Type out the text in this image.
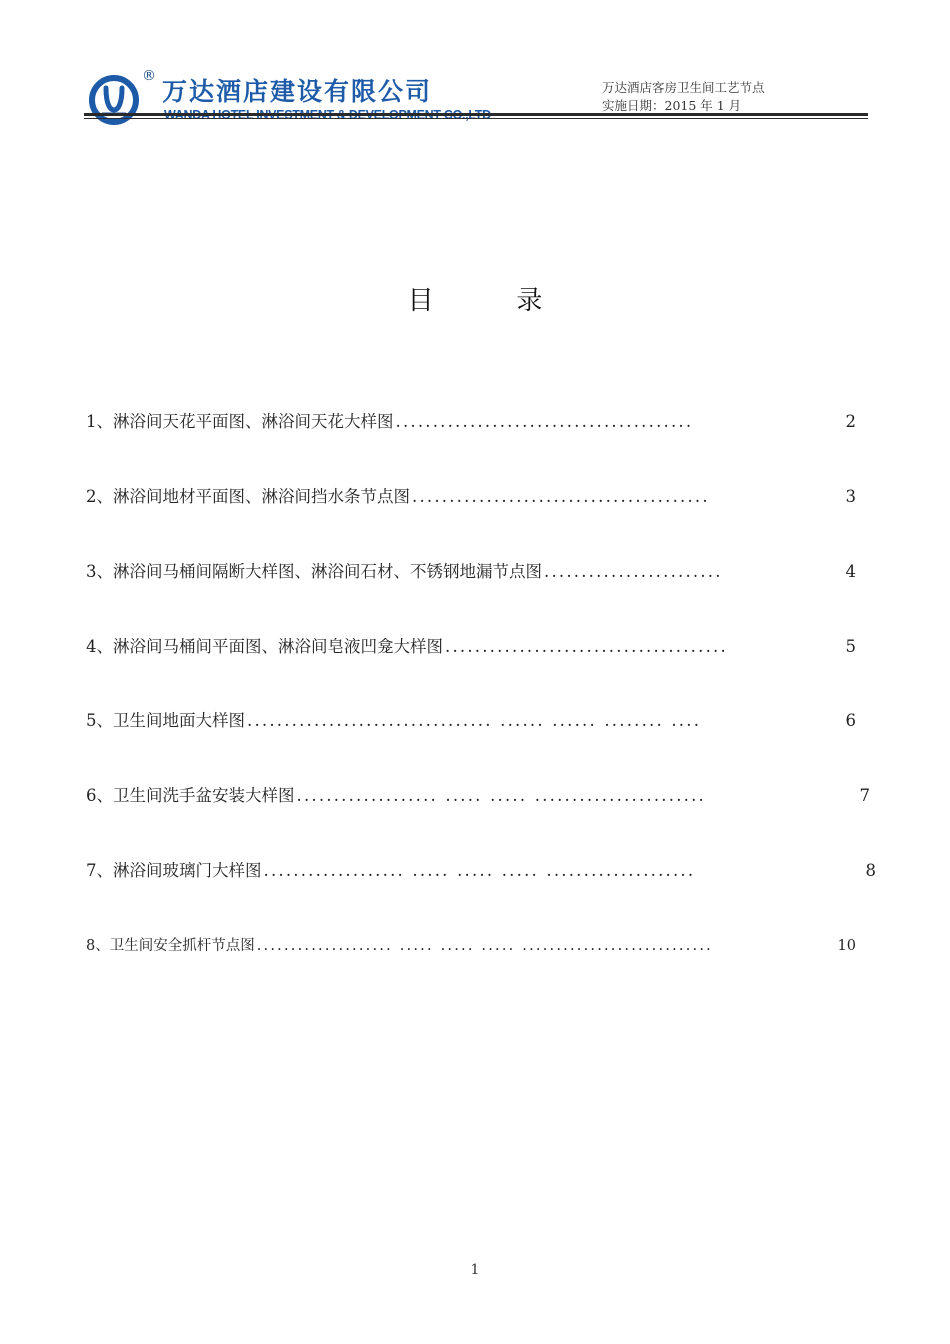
®
万达酒店建设有限公司	万达酒店客房卫生间工艺节点
实施日期：2015 年 1 月
目          录
1、 淋浴间天花平面图、淋浴间天花大样图 ........................................	2
2、 淋浴间地材平面图、淋浴间挡水条节点图 ........................................	3
3、 淋浴间马桶间隔断大样图、淋浴间石材、不锈钢地漏节点图 ........................	4
4、 淋浴间马桶间平面图、淋浴间皂液凹龛大样图 ......................................	5
5、 卫生间地面大样图 ................................. ...... ...... ........ ....	6
6、 卫生间洗手盆安装大样图 ................... ..... ..... .......................	7
7、 淋浴间玻璃门大样图 ................... ..... ..... ..... ....................	8
8、 卫生间安全抓杆节点图 .................... ..... ..... ..... ............................	10
1
